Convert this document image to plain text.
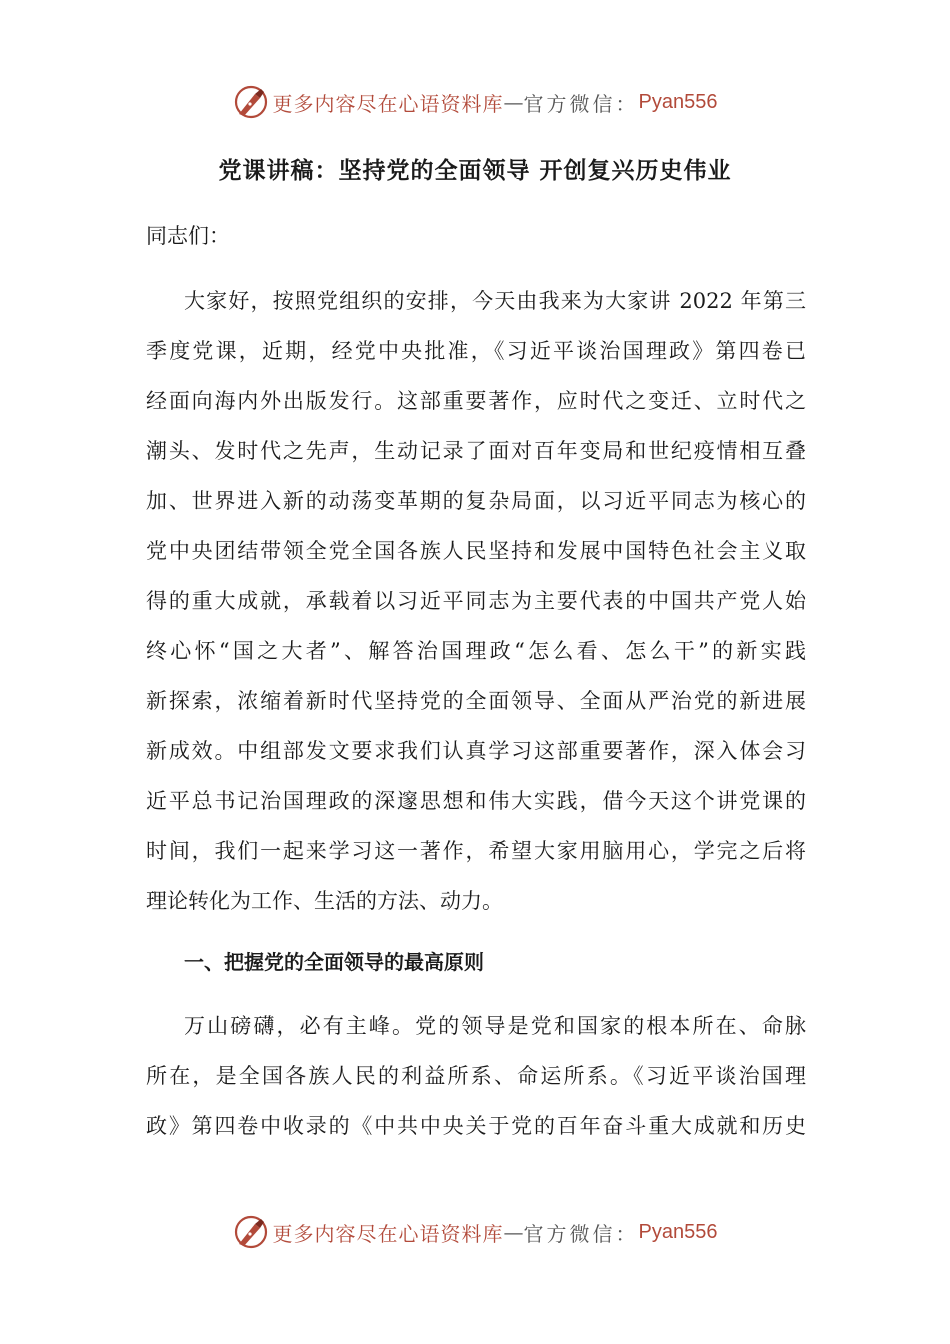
更多内容尽在心语资料库 — 官方微信： Pyan556
党课讲稿：坚持党的全面领导 开创复兴历史伟业
同志们：
大家好，按照党组织的安排，今天由我来为大家讲 2022 年第三
季度党课，近期，经党中央批准，《习近平谈治国理政》第四卷已
经面向海内外出版发行。这部重要著作，应时代之变迁、立时代之
潮头、发时代之先声，生动记录了面对百年变局和世纪疫情相互叠
加、世界进入新的动荡变革期的复杂局面，以习近平同志为核心的
党中央团结带领全党全国各族人民坚持和发展中国特色社会主义取
得的重大成就，承载着以习近平同志为主要代表的中国共产党人始
终心怀“国之大者”、解答治国理政“怎么看、怎么干”的新实践
新探索，浓缩着新时代坚持党的全面领导、全面从严治党的新进展
新成效。中组部发文要求我们认真学习这部重要著作，深入体会习
近平总书记治国理政的深邃思想和伟大实践，借今天这个讲党课的
时间，我们一起来学习这一著作，希望大家用脑用心，学完之后将
理论转化为工作、生活的方法、动力。
一、把握党的全面领导的最高原则
万山磅礴，必有主峰。党的领导是党和国家的根本所在、命脉
所在，是全国各族人民的利益所系、命运所系。《习近平谈治国理
政》第四卷中收录的《中共中央关于党的百年奋斗重大成就和历史
更多内容尽在心语资料库 — 官方微信： Pyan556
